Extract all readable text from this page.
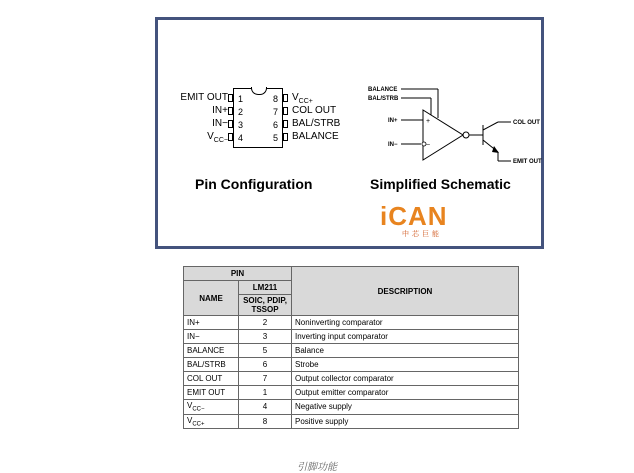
EMIT OUT
IN+
IN−
$V_{CC-}$
1
2
3
4
8
7
6
5
$V_{CC+}$
COL OUT
BAL/STRB
BALANCE
Pin Configuration
BALANCE
BAL/STRB
IN+
IN−
COL OUT
EMIT OUT
+
−
Simplified Schematic
iCAN
中芯巨能
PIN		DESCRIPTION
NAME	LM211	
	SOIC, PDIP,
TSSOP	
IN+	2	Noninverting comparator
IN−	3	Inverting input comparator
BALANCE	5	Balance
BAL/STRB	6	Strobe
COL OUT	7	Output collector comparator
EMIT OUT	1	Output emitter comparator
$V_{CC-}$	4	Negative supply
$V_{CC+}$	8	Positive supply
引脚功能
